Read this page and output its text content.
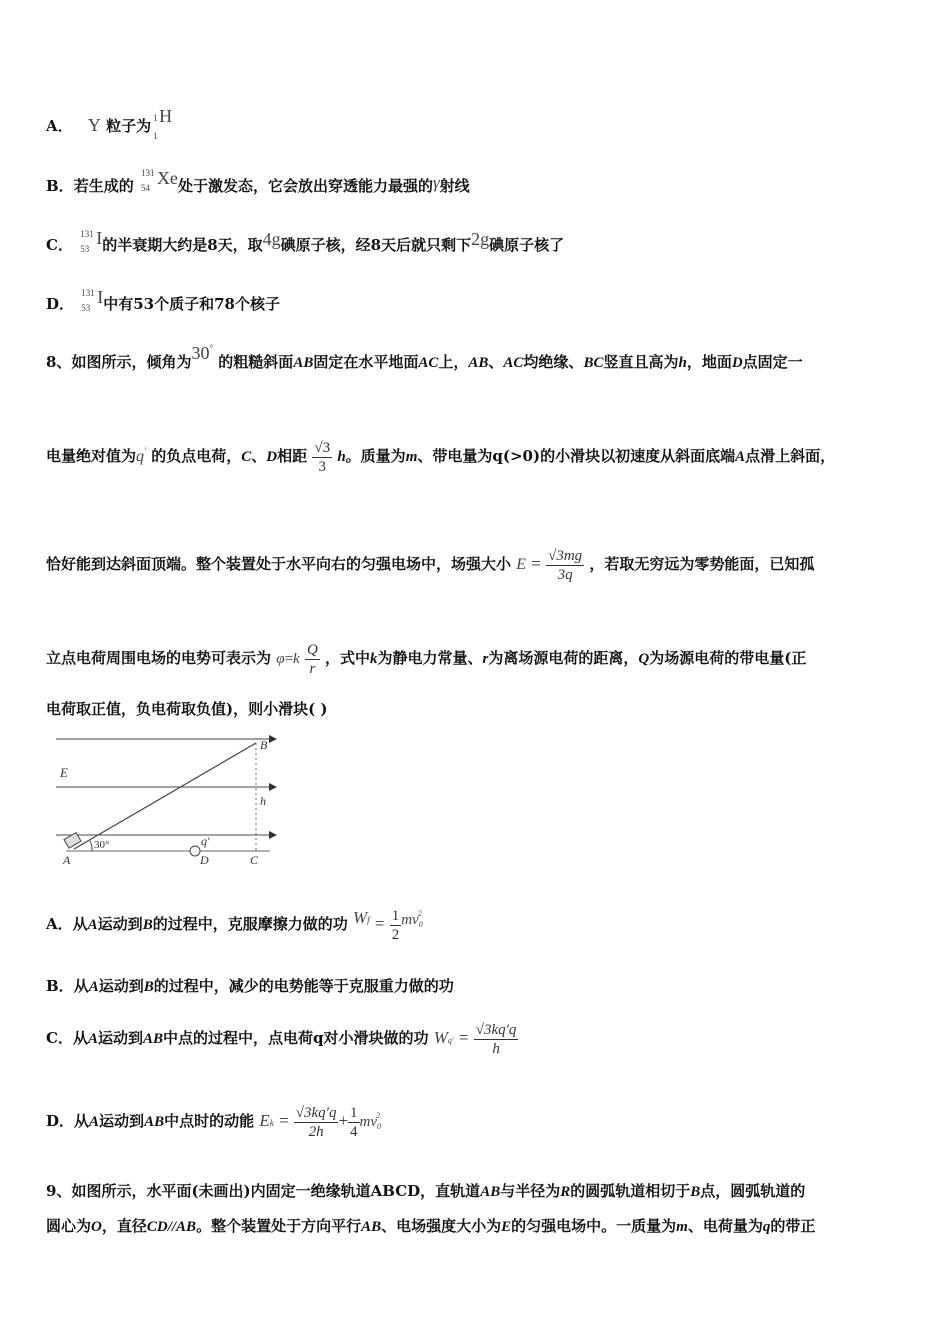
A． Y 粒子为 1
1
H
B．若生成的
131
54 Xe处于激发态，它会放出穿透能力最强的γ射线
C．
131
53
I的半衰期大约是8天，取4g碘原子核，经8天后就只剩下2g碘原子核了
D．
131
53
I中有53个质子和78个核子
8、如图所示，倾角为30° 的粗糙斜面AB固定在水平地面AC上，AB、AC均绝缘、BC竖直且高为h，地面D点固定一
电量绝对值为q′ 的负点电荷，C、D相距 $\frac{√3}{3}$ h。质量为m、带电量为q(>0)的小滑块以初速度从斜面底端A点滑上斜面，
恰好能到达斜面顶端。整个装置处于水平向右的匀强电场中，场强大小 $E = \frac{√3mg}{3q}$ ，若取无穷远为零势能面，已知孤
立点电荷周围电场的电势可表示为 $\varphi=k \frac{Q}{r}$ ，式中k为静电力常量、r为离场源电荷的距离，Q为场源电荷的带电量(正
电荷取正值，负电荷取负值)，则小滑块( )
E
B
h
30°	q′
A	D	C
A．从A运动到B的过程中，克服摩擦力做的功 $Wf = \frac{1}{2} mv_0^2$
B．从A运动到B的过程中，减少的电势能等于克服重力做的功
C．从A运动到AB中点的过程中，点电荷q对小滑块做的功 $Wq' = \frac{√3kq'q}{h}$
D．从A运动到AB中点时的动能 $Ek = \frac{√3kq'q}{2h} + \frac{1}{4} mv_0^2$
9、如图所示，水平面(未画出)内固定一绝缘轨道ABCD，直轨道AB与半径为R的圆弧轨道相切于B点，圆弧轨道的
圆心为O，直径CD//AB。整个装置处于方向平行AB、电场强度大小为E的匀强电场中。一质量为m、电荷量为q的带正
